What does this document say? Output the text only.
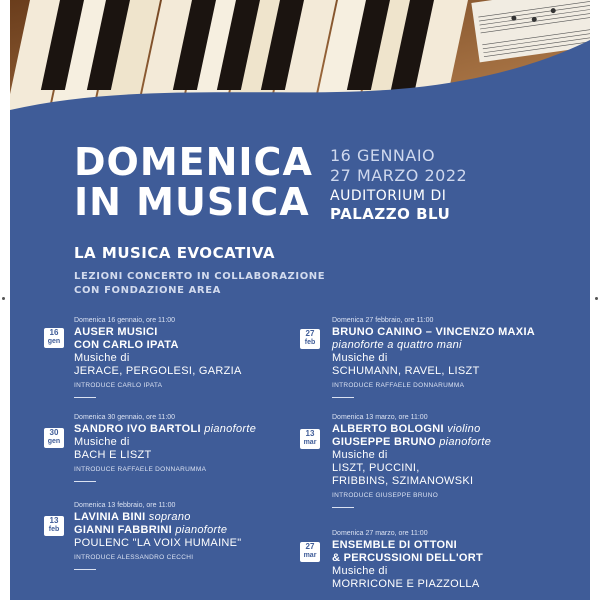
DOMENICA
IN MUSICA
16 GENNAIO
27 MARZO 2022
AUDITORIUM DI
PALAZZO BLU
LA MUSICA EVOCATIVA
LEZIONI CONCERTO IN COLLABORAZIONE
CON FONDAZIONE AREA
16
gen
Domenica 16 gennaio, ore 11:00
AUSER MUSICI
CON CARLO IPATA
Musiche di
JERACE, PERGOLESI, GARZIA
INTRODUCE CARLO IPATA
30
gen
Domenica 30 gennaio, ore 11:00
SANDRO IVO BARTOLI pianoforte
Musiche di
BACH E LISZT
INTRODUCE RAFFAELE DONNARUMMA
13
feb
Domenica 13 febbraio, ore 11:00
LAVINIA BINI soprano
GIANNI FABBRINI pianoforte
POULENC "LA VOIX HUMAINE"
INTRODUCE ALESSANDRO CECCHI
27
feb
Domenica 27 febbraio, ore 11:00
BRUNO CANINO – VINCENZO MAXIA
pianoforte a quattro mani
Musiche di
SCHUMANN, RAVEL, LISZT
INTRODUCE RAFFAELE DONNARUMMA
13
mar
Domenica 13 marzo, ore 11:00
ALBERTO BOLOGNI violino
GIUSEPPE BRUNO pianoforte
Musiche di
LISZT, PUCCINI,
FRIBBINS, SZIMANOWSKI
INTRODUCE GIUSEPPE BRUNO
27
mar
Domenica 27 marzo, ore 11:00
ENSEMBLE DI OTTONI
& PERCUSSIONI DELL'ORT
Musiche di
MORRICONE E PIAZZOLLA
